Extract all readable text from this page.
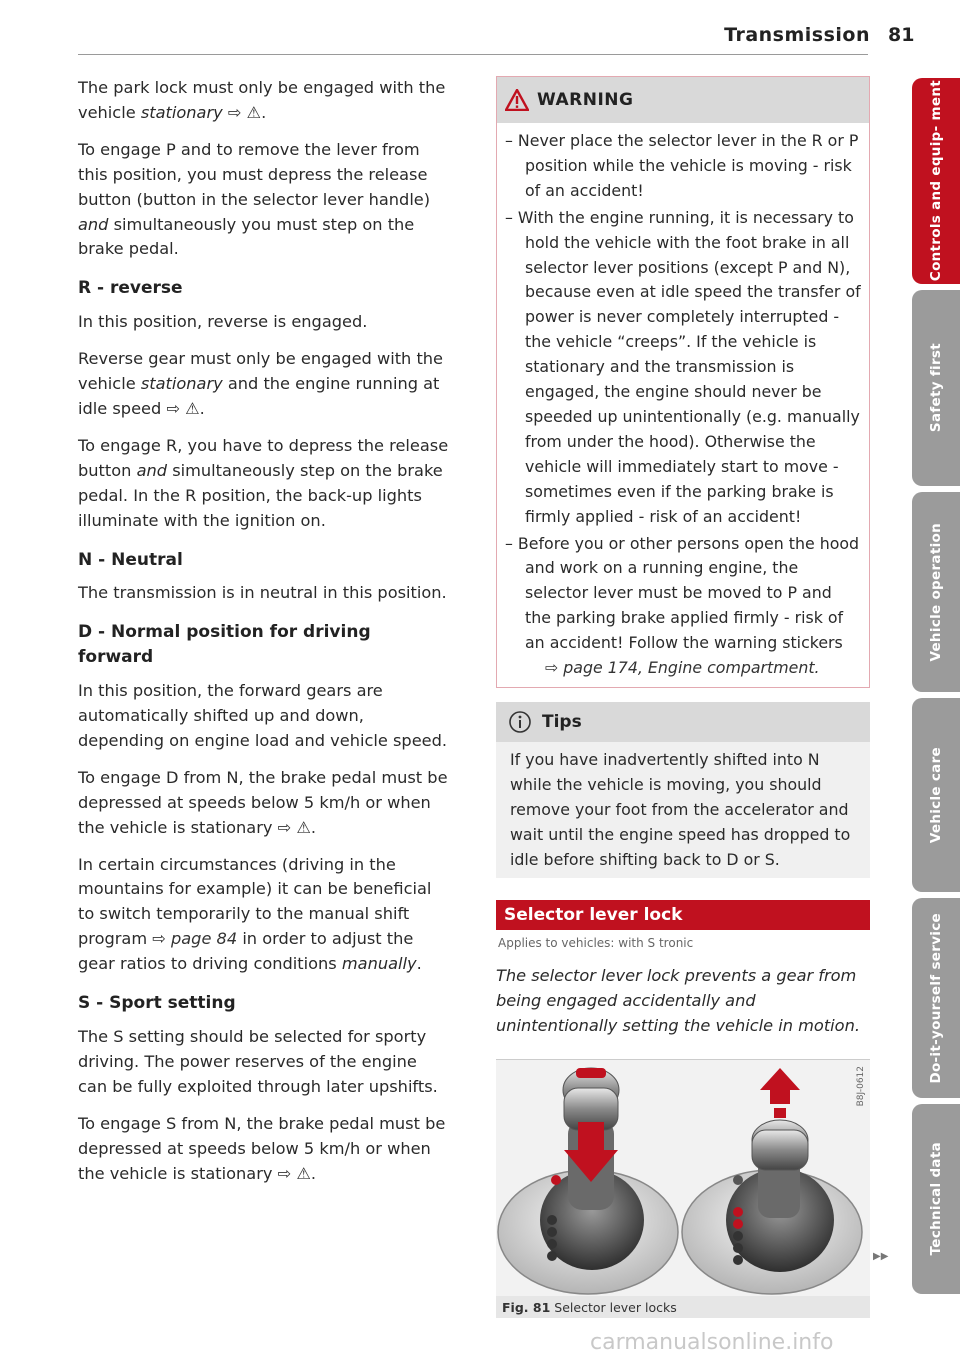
Transmission 81

The park lock must only be engaged with the vehicle stationary ⇨ ⚠.

To engage P and to remove the lever from this position, you must depress the release button (button in the selector lever handle) and simultaneously you must step on the brake pedal.

R - reverse

In this position, reverse is engaged.

Reverse gear must only be engaged with the vehicle stationary and the engine running at idle speed ⇨ ⚠.

To engage R, you have to depress the release button and simultaneously step on the brake pedal. In the R position, the back-up lights illuminate with the ignition on.

N - Neutral

The transmission is in neutral in this position.

D - Normal position for driving forward

In this position, the forward gears are automatically shifted up and down, depending on engine load and vehicle speed.

To engage D from N, the brake pedal must be depressed at speeds below 5 km/h or when the vehicle is stationary ⇨ ⚠.

In certain circumstances (driving in the mountains for example) it can be beneficial to switch temporarily to the manual shift program ⇨ page 84 in order to adjust the gear ratios to driving conditions manually.

S - Sport setting

The S setting should be selected for sporty driving. The power reserves of the engine can be fully exploited through later upshifts.

To engage S from N, the brake pedal must be depressed at speeds below 5 km/h or when the vehicle is stationary ⇨ ⚠.

WARNING
– Never place the selector lever in the R or P position while the vehicle is moving - risk of an accident!
– With the engine running, it is necessary to hold the vehicle with the foot brake in all selector lever positions (except P and N), because even at idle speed the transfer of power is never completely interrupted - the vehicle “creeps”. If the vehicle is stationary and the transmission is engaged, the engine should never be speeded up unintentionally (e.g. manually from under the hood). Otherwise the vehicle will immediately start to move - sometimes even if the parking brake is firmly applied - risk of an accident!
– Before you or other persons open the hood and work on a running engine, the selector lever must be moved to P and the parking brake applied firmly - risk of an accident! Follow the warning stickers
⇨ page 174, Engine compartment.
Tips
If you have inadvertently shifted into N while the vehicle is moving, you should remove your foot from the accelerator and wait until the engine speed has dropped to idle before shifting back to D or S.
Selector lever lock
Applies to vehicles: with S tronic

The selector lever lock prevents a gear from being engaged accidentally and unintentionally setting the vehicle in motion.

B8J-0612
Fig. 81 Selector lever locks
▶▶
Controls and equip- ment
Safety first
Vehicle operation
Vehicle care
Do-it-yourself service
Technical data
carmanualsonline.info
